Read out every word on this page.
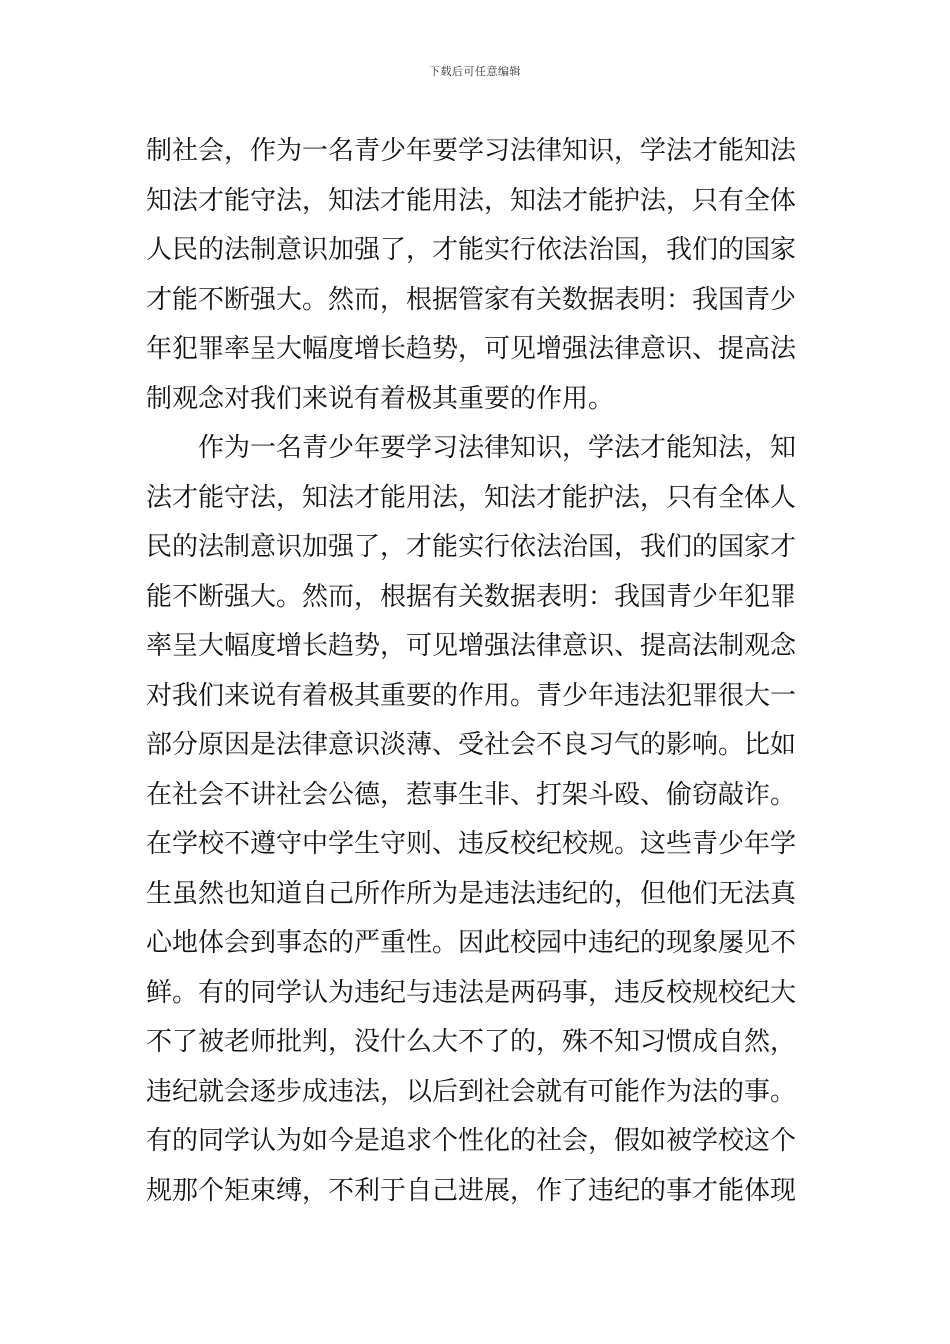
下载后可任意编辑
制社会，作为一名青少年要学习法律知识，学法才能知法
知法才能守法，知法才能用法，知法才能护法，只有全体
人民的法制意识加强了，才能实行依法治国，我们的国家
才能不断强大。然而，根据管家有关数据表明：我国青少
年犯罪率呈大幅度增长趋势，可见增强法律意识、提高法
制观念对我们来说有着极其重要的作用。
作为一名青少年要学习法律知识，学法才能知法，知
法才能守法，知法才能用法，知法才能护法，只有全体人
民的法制意识加强了，才能实行依法治国，我们的国家才
能不断强大。然而，根据有关数据表明：我国青少年犯罪
率呈大幅度增长趋势，可见增强法律意识、提高法制观念
对我们来说有着极其重要的作用。青少年违法犯罪很大一
部分原因是法律意识淡薄、受社会不良习气的影响。比如
在社会不讲社会公德，惹事生非、打架斗殴、偷窃敲诈。
在学校不遵守中学生守则、违反校纪校规。这些青少年学
生虽然也知道自己所作所为是违法违纪的，但他们无法真
心地体会到事态的严重性。因此校园中违纪的现象屡见不
鲜。有的同学认为违纪与违法是两码事，违反校规校纪大
不了被老师批判，没什么大不了的，殊不知习惯成自然，
违纪就会逐步成违法，以后到社会就有可能作为法的事。
有的同学认为如今是追求个性化的社会，假如被学校这个
规那个矩束缚，不利于自己进展，作了违纪的事才能体现
